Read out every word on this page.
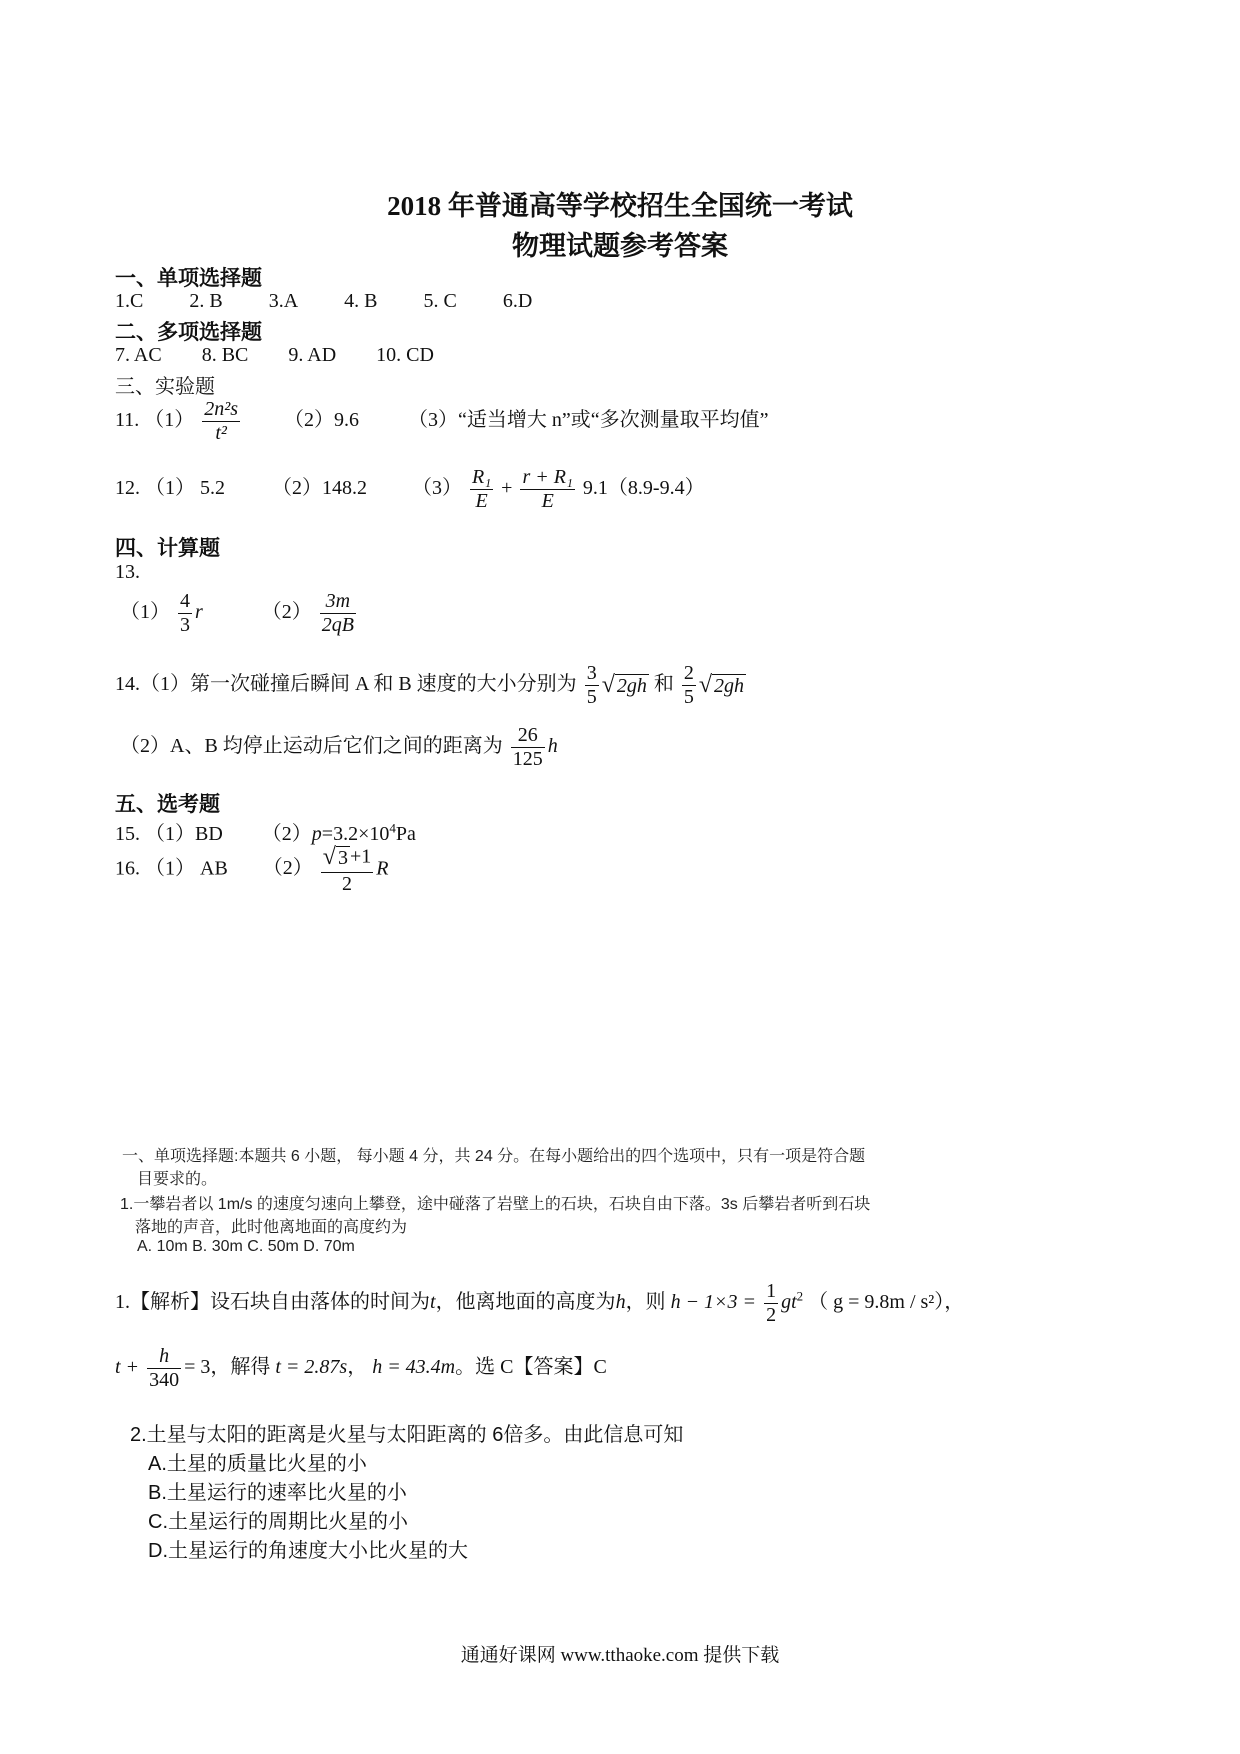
2018 年普通高等学校招生全国统一考试
物理试题参考答案
一、单项选择题
1.C 2. B 3.A 4. B 5. C 6.D
二、多项选择题
7. AC 8. BC 9. AD 10. CD
三、实验题
11. $(1) \frac{\text{2n²s}}{\text{t²}} (2)9.6$ （3）“适当增大 n”或“多次测量取平均值”
12. （1） 5.2 （2）148.2 $(3) \frac{\text{R₁}}{E} + \frac{\text{r + R₁}}{E} 9.1(8.9-9.4)$
四、计算题
13.
$(1) \frac{4}{3}$ r	$(2) \frac{3m}{2qB}$
14.（1）第一次碰撞后瞬间 A 和 B 速度的大小分别为 $\frac{3}{5}$ √ 2gh 和 $\frac{2}{5}$ √ 2gh
（2）A、B 均停止运动后它们之间的距离为 $\frac{26}{125}$ h
五、选考题
15. （1）BD $(2)p=3.2\times 10^4Pa$
16. （1） AB $(2) \frac{√ 3 +1}{2}$ R
一、单项选择题:本题共 6 小题， 每小题 4 分，共 24 分。在每小题给出的四个选项中，只有一项是符合题
目要求的。
1.一攀岩者以 1m/s 的速度匀速向上攀登，途中碰落了岩壁上的石块，石块自由下落。3s 后攀岩者听到石块
落地的声音，此时他离地面的高度约为
A. 10m B. 30m C. 50m D. 70m
1.【解析】设石块自由落体的时间为t，他离地面的高度为h，则 $h - 1\times 3 = \frac{1}{2} gt^2$ （ g = 9.8m / s²），
$t + \frac{h}{340} = 3$，解得 t = 2.87s， h = 43.4m。选 C【答案】C
2.土星与太阳的距离是火星与太阳距离的 6倍多。由此信息可知
A.土星的质量比火星的小
B.土星运行的速率比火星的小
C.土星运行的周期比火星的小
D.土星运行的角速度大小比火星的大
通通好课网 www.tthaoke.com 提供下载
